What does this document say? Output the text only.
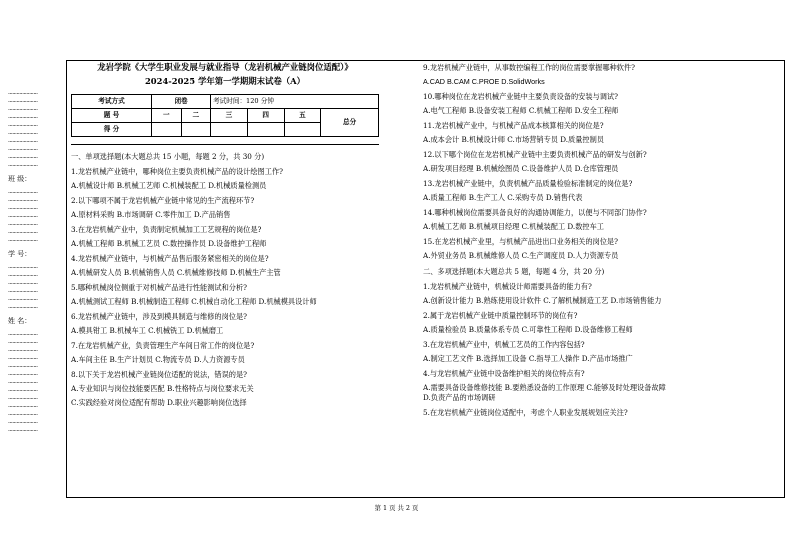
·····················
·····················
·····················
·····················
·····················
·····················
·····················
·····················
·····················
·····················
班 级：
·····················
·····················
·····················
·····················
·····················
·····················
·····················
学 号：
·····················
·····················
·····················
·····················
·····················
·····················
姓 名：
·····················
·····················
·····················
·····················
·····················
·····················
·····················
·····················
·····················
·····················
·····················
·····················
·····················
龙岩学院《大学生职业发展与就业指导（龙岩机械产业链岗位适配）》
2024-2025 学年第一学期期末试卷（A）
考试方式	闭卷		考试时间：120 分钟			
题 号	一	二	三	四	五	总分
得 分						
一、单项选择题(本大题总共 15 小题，每题 2 分，共 30 分)
1.龙岩机械产业链中，哪种岗位主要负责机械产品的设计绘图工作?
A.机械设计师 B.机械工艺师 C.机械装配工 D.机械质量检测员
2.以下哪项不属于龙岩机械产业链中常见的生产流程环节?
A.原材料采购 B.市场调研 C.零件加工 D.产品销售
3.在龙岩机械产业中，负责制定机械加工工艺规程的岗位是?
A.机械工程师 B.机械工艺员 C.数控操作员 D.设备维护工程师
4.龙岩机械产业链中，与机械产品售后服务紧密相关的岗位是?
A.机械研发人员 B.机械销售人员 C.机械维修技师 D.机械生产主管
5.哪种机械岗位侧重于对机械产品进行性能测试和分析?
A.机械测试工程师 B.机械制造工程师 C.机械自动化工程师 D.机械模具设计师
6.龙岩机械产业链中，涉及到模具制造与维修的岗位是?
A.模具钳工 B.机械车工 C.机械铣工 D.机械磨工
7.在龙岩机械产业，负责管理生产车间日常工作的岗位是?
A.车间主任 B.生产计划员 C.物流专员 D.人力资源专员
8.以下关于龙岩机械产业链岗位适配的说法，错误的是?
A.专业知识与岗位技能要匹配 B.性格特点与岗位要求无关
C.实践经验对岗位适配有帮助 D.职业兴趣影响岗位选择
9.龙岩机械产业链中，从事数控编程工作的岗位需要掌握哪种软件?
A.CAD B.CAM C.PROE D.SolidWorks
10.哪种岗位在龙岩机械产业链中主要负责设备的安装与调试?
A.电气工程师 B.设备安装工程师 C.机械工程师 D.安全工程师
11.龙岩机械产业中，与机械产品成本核算相关的岗位是?
A.成本会计 B.机械设计师 C.市场营销专员 D.质量控制员
12.以下哪个岗位在龙岩机械产业链中主要负责机械产品的研发与创新?
A.研发项目经理 B.机械绘图员 C.设备维护人员 D.仓库管理员
13.龙岩机械产业链中，负责机械产品质量检验标准制定的岗位是?
A.质量工程师 B.生产工人 C.采购专员 D.销售代表
14.哪种机械岗位需要具备良好的沟通协调能力，以便与不同部门协作?
A.机械工艺师 B.机械项目经理 C.机械装配工 D.数控车工
15.在龙岩机械产业里，与机械产品进出口业务相关的岗位是?
A.外贸业务员 B.机械维修人员 C.生产调度员 D.人力资源专员
二、多项选择题(本大题总共 5 题，每题 4 分，共 20 分)
1.龙岩机械产业链中，机械设计师需要具备的能力有?
A.创新设计能力 B.熟练使用设计软件 C.了解机械制造工艺 D.市场销售能力
2.属于龙岩机械产业链中质量控制环节的岗位有?
A.质量检验员 B.质量体系专员 C.可靠性工程师 D.设备维修工程师
3.在龙岩机械产业中，机械工艺员的工作内容包括?
A.制定工艺文件 B.选择加工设备 C.指导工人操作 D.产品市场推广
4.与龙岩机械产业链中设备维护相关的岗位特点有?
A.需要具备设备维修技能 B.要熟悉设备的工作原理 C.能够及时处理设备故障
D.负责产品的市场调研
5.在龙岩机械产业链岗位适配中，考虑个人职业发展规划应关注?
第 1 页 共 2 页
